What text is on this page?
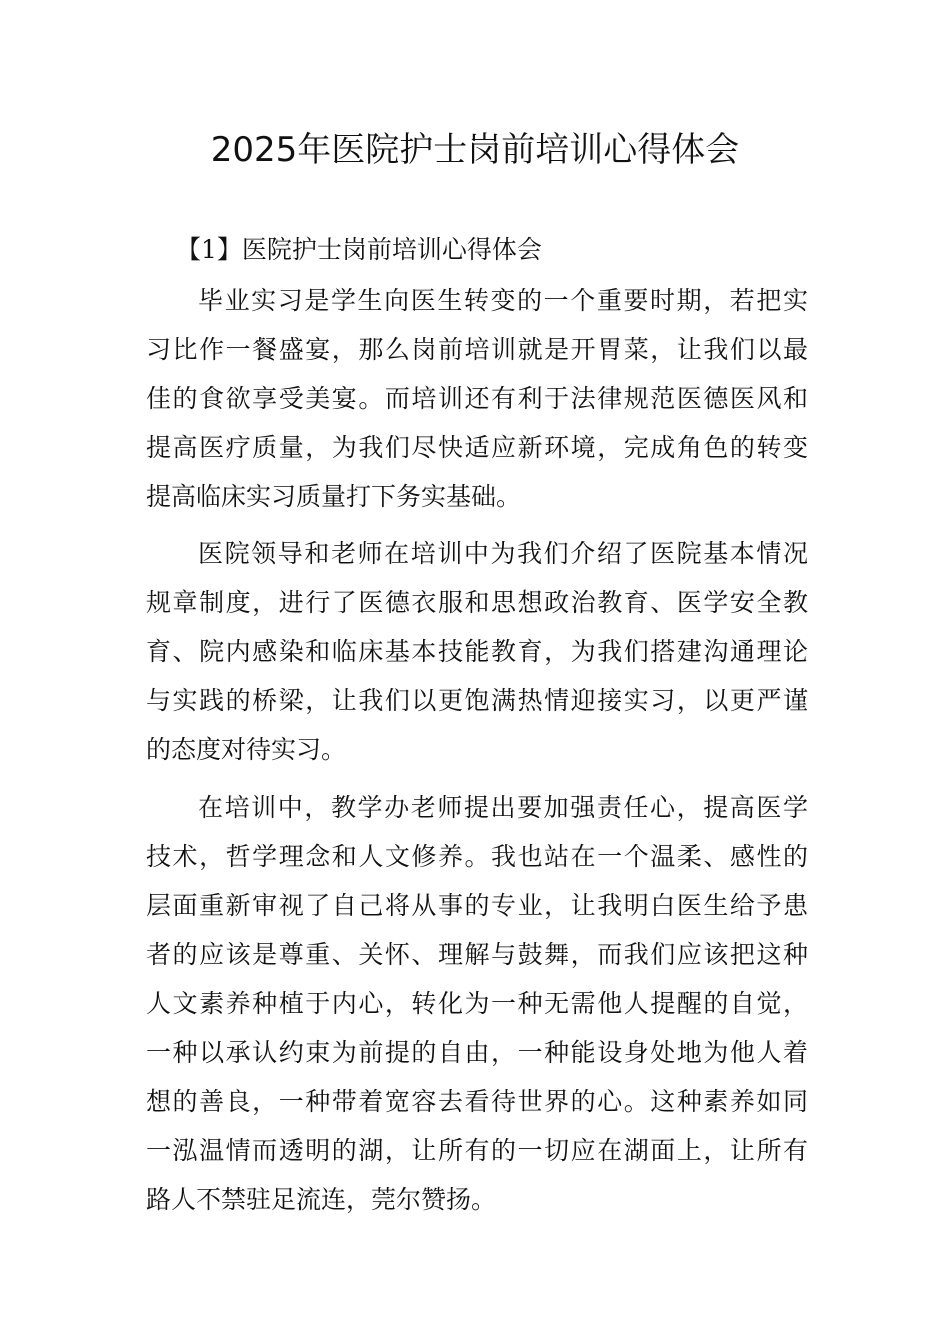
2025年医院护士岗前培训心得体会
【1】医院护士岗前培训心得体会
毕业实习是学生向医生转变的一个重要时期，若把实
习比作一餐盛宴，那么岗前培训就是开胃菜，让我们以最
佳的食欲享受美宴。而培训还有利于法律规范医德医风和
提高医疗质量，为我们尽快适应新环境，完成角色的转变
提高临床实习质量打下务实基础。
医院领导和老师在培训中为我们介绍了医院基本情况
规章制度，进行了医德衣服和思想政治教育、医学安全教
育、院内感染和临床基本技能教育，为我们搭建沟通理论
与实践的桥梁，让我们以更饱满热情迎接实习，以更严谨
的态度对待实习。
在培训中，教学办老师提出要加强责任心，提高医学
技术，哲学理念和人文修养。我也站在一个温柔、感性的
层面重新审视了自己将从事的专业，让我明白医生给予患
者的应该是尊重、关怀、理解与鼓舞，而我们应该把这种
人文素养种植于内心，转化为一种无需他人提醒的自觉，
一种以承认约束为前提的自由，一种能设身处地为他人着
想的善良，一种带着宽容去看待世界的心。这种素养如同
一泓温情而透明的湖，让所有的一切应在湖面上，让所有
路人不禁驻足流连，莞尔赞扬。
